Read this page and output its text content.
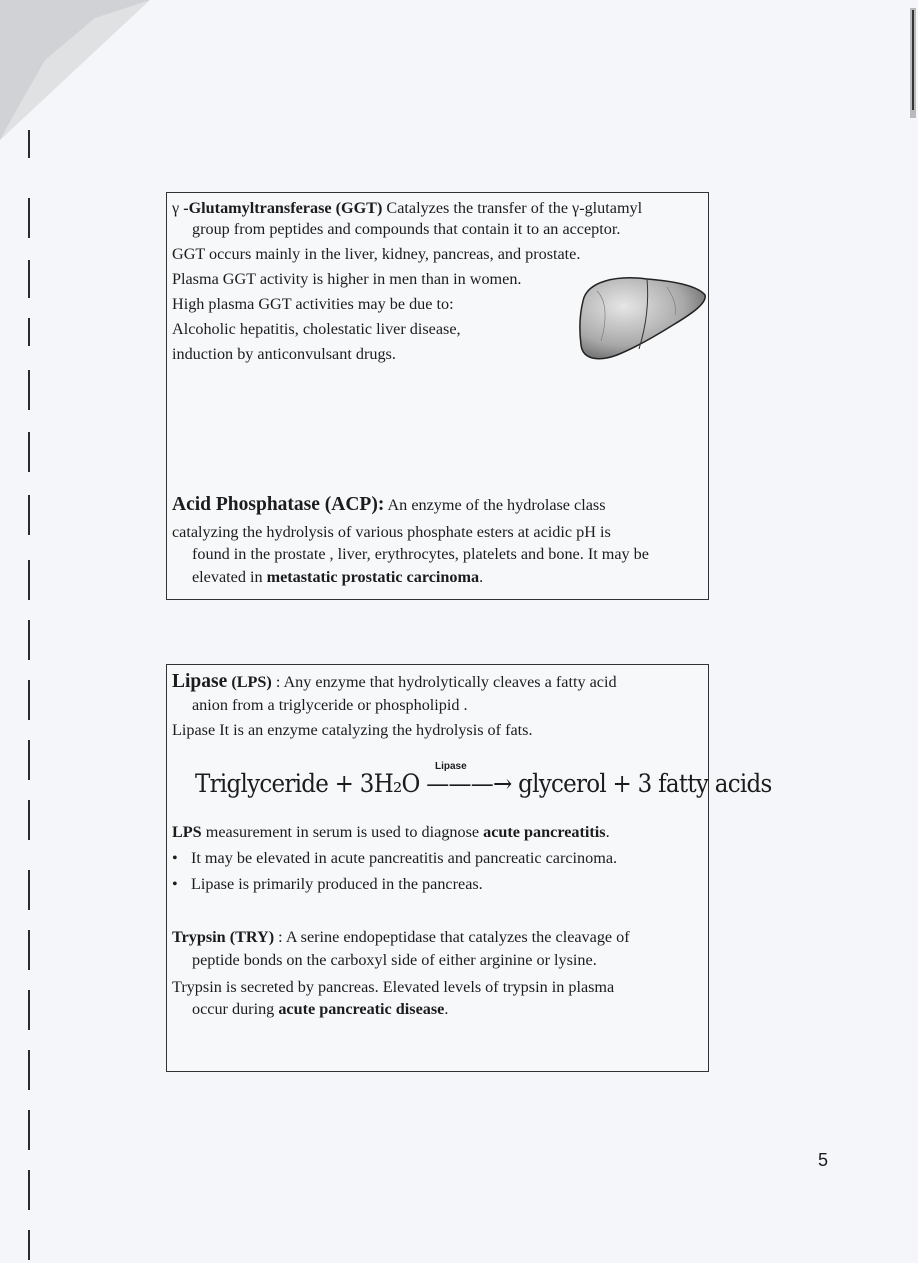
γ -Glutamyltransferase (GGT) Catalyzes the transfer of the γ-glutamyl
group from peptides and compounds that contain it to an acceptor.
GGT occurs mainly in the liver, kidney, pancreas, and prostate.
Plasma GGT activity is higher in men than in women.
High plasma GGT activities may be due to:
Alcoholic hepatitis, cholestatic liver disease,
induction by anticonvulsant drugs.
Acid Phosphatase (ACP): An enzyme of the hydrolase class
catalyzing the hydrolysis of various phosphate esters at acidic pH is
found in the prostate , liver, erythrocytes, platelets and bone. It may be
elevated in metastatic prostatic carcinoma.
Lipase (LPS) : Any enzyme that hydrolytically cleaves a fatty acid
anion from a triglyceride or phospholipid .
Lipase It is an enzyme catalyzing the hydrolysis of fats.
Lipase
Triglyceride + 3H₂O ———→ glycerol + 3 fatty acids
LPS measurement in serum is used to diagnose acute pancreatitis.
• It may be elevated in acute pancreatitis and pancreatic carcinoma.
• Lipase is primarily produced in the pancreas.
Trypsin (TRY) : A serine endopeptidase that catalyzes the cleavage of
peptide bonds on the carboxyl side of either arginine or lysine.
Trypsin is secreted by pancreas. Elevated levels of trypsin in plasma
occur during acute pancreatic disease.
5
